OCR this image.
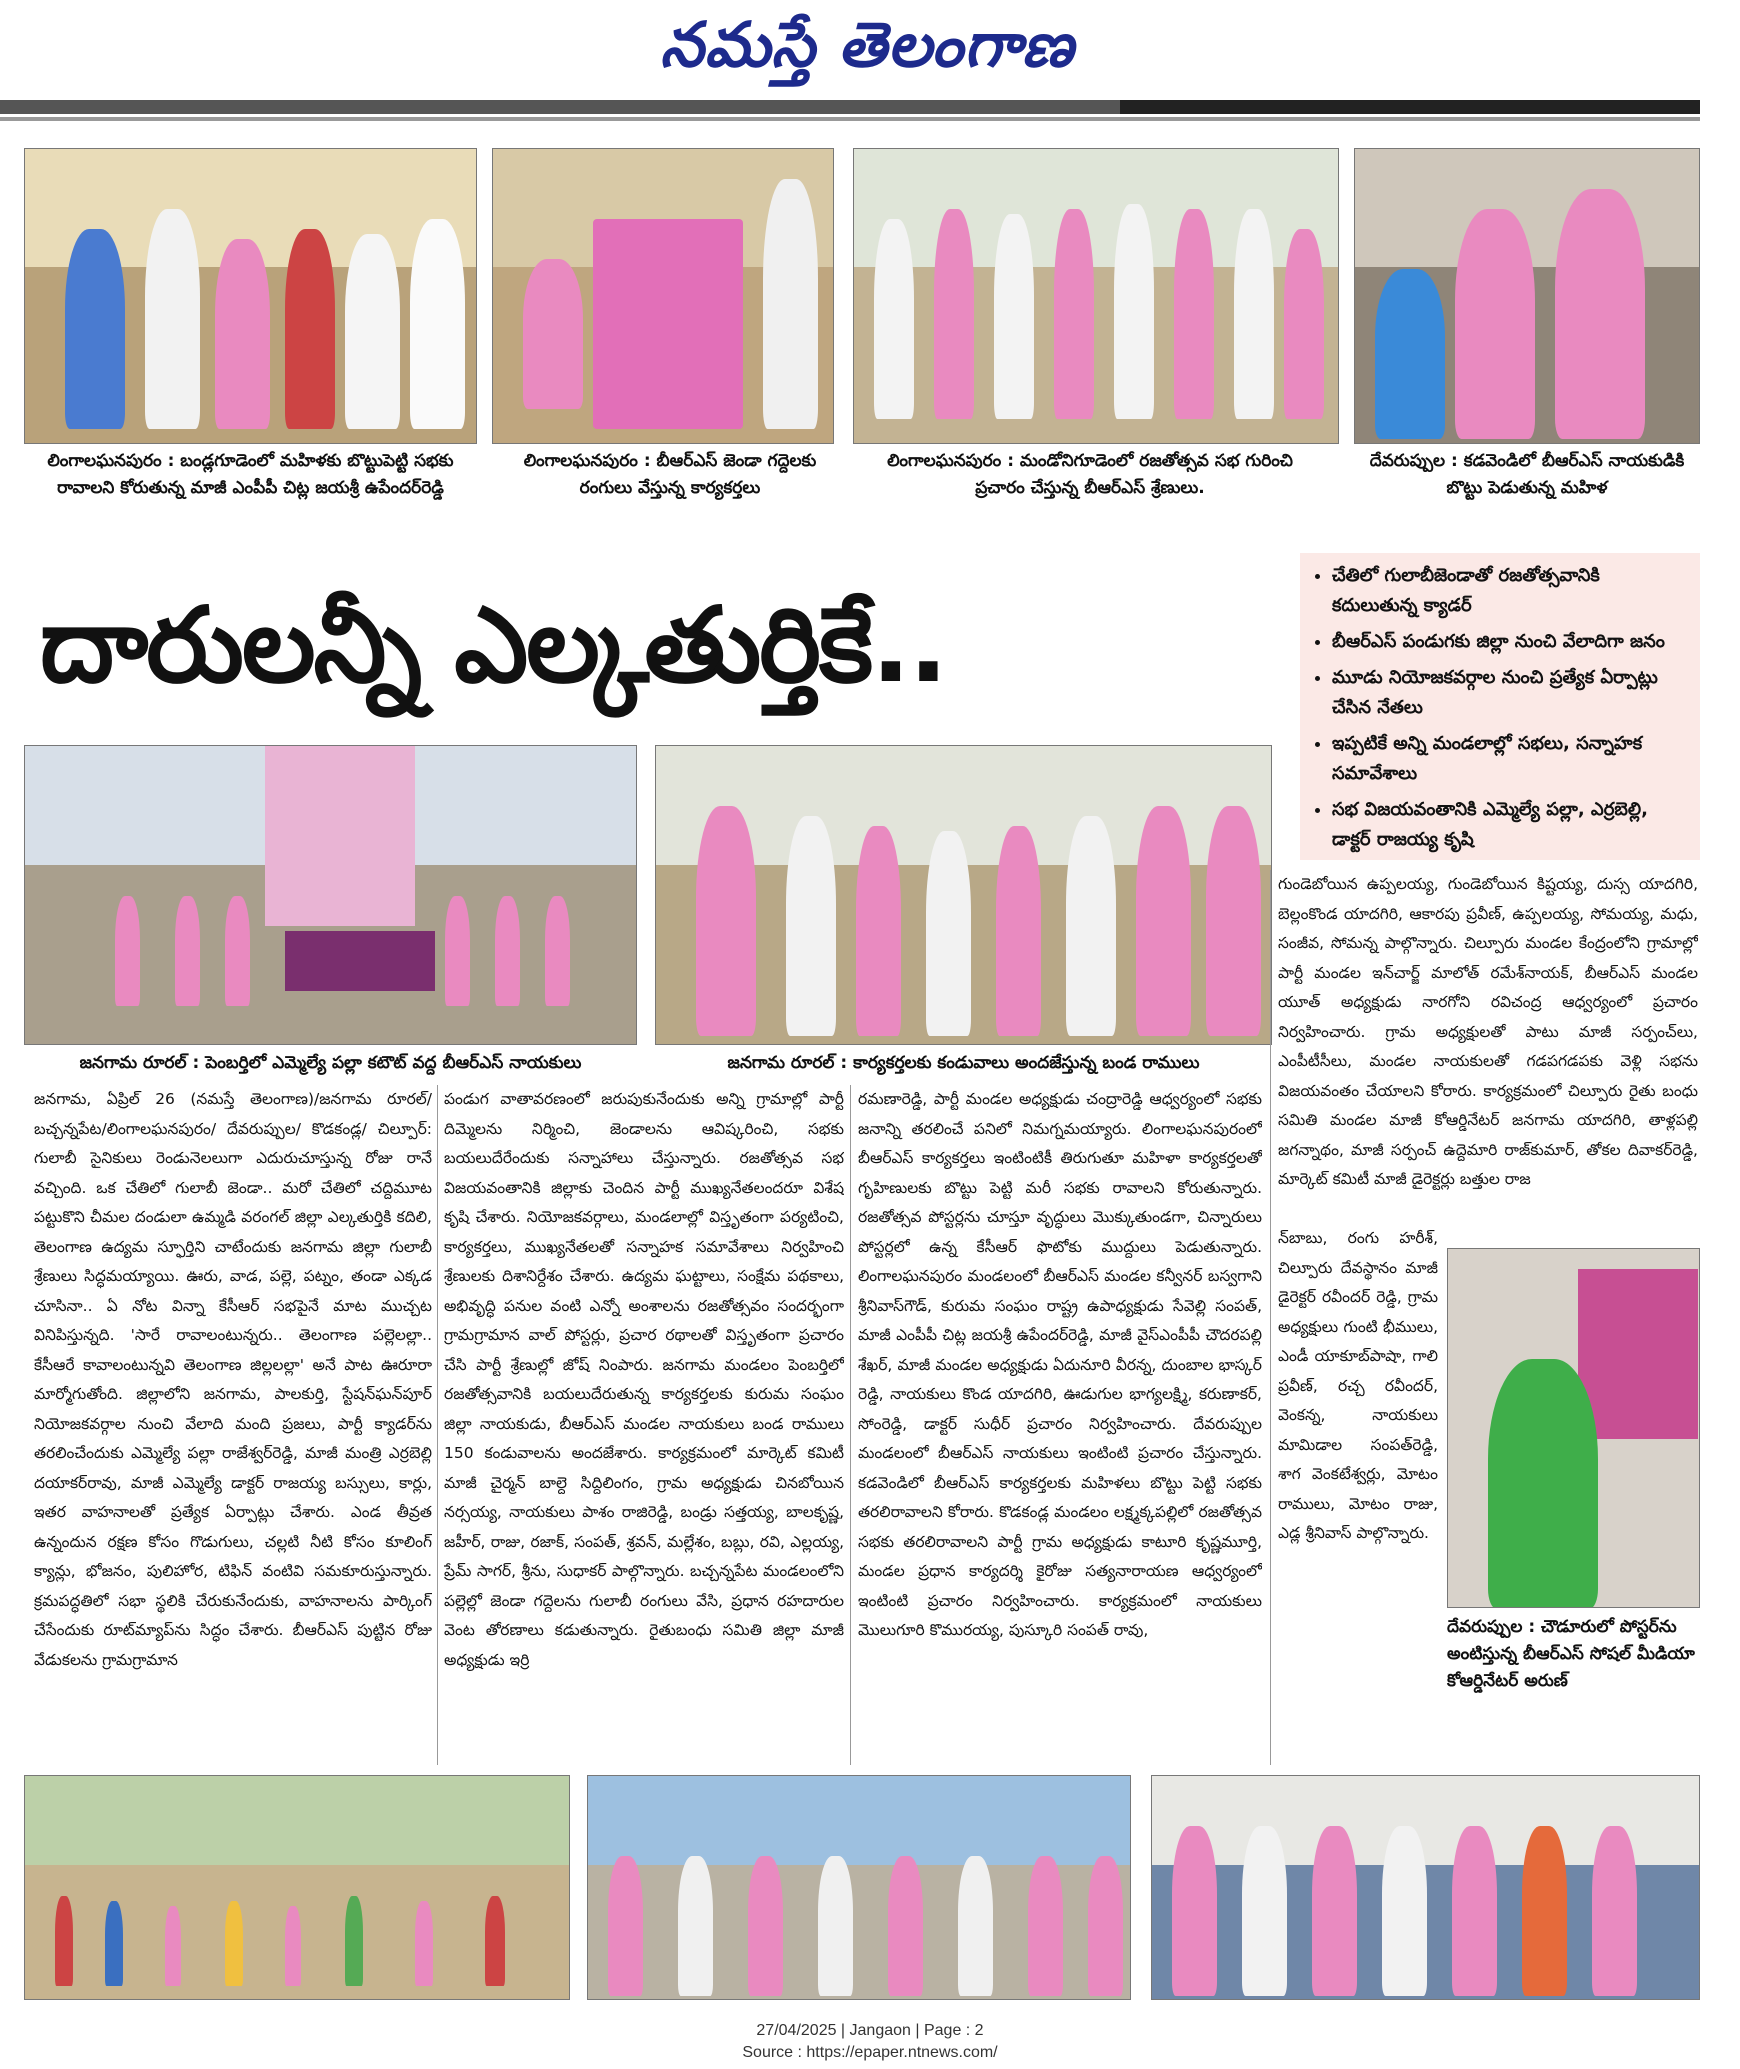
నమస్తే తెలంగాణ
లింగాలఘనపురం : బండ్లగూడెంలో మహిళకు బొట్టుపెట్టి సభకు రావాలని కోరుతున్న మాజీ ఎంపీపీ చిట్ల జయశ్రీ ఉపేందర్‌రెడ్డి
లింగాలఘనపురం : బీఆర్‌ఎస్ జెండా గద్దెలకు రంగులు వేస్తున్న కార్యకర్తలు
లింగాలఘనపురం : మండోనిగూడెంలో రజతోత్సవ సభ గురించి ప్రచారం చేస్తున్న బీఆర్‌ఎస్ శ్రేణులు.
దేవరుప్పుల : కడవెండిలో బీఆర్‌ఎస్ నాయకుడికి బొట్టు పెడుతున్న మహిళ
దారులన్నీ ఎల్కతుర్తికే..
• చేతిలో గులాబీజెండాతో రజతోత్సవానికి కదులుతున్న క్యాడర్
• బీఆర్‌ఎస్ పండుగకు జిల్లా నుంచి వేలాదిగా జనం
• మూడు నియోజకవర్గాల నుంచి ప్రత్యేక ఏర్పాట్లు చేసిన నేతలు
• ఇప్పటికే అన్ని మండలాల్లో సభలు, సన్నాహక సమావేశాలు
• సభ విజయవంతానికి ఎమ్మెల్యే పల్లా, ఎర్రబెల్లి, డాక్టర్ రాజయ్య కృషి
జనగామ రూరల్ : పెంబర్తిలో ఎమ్మెల్యే పల్లా కటౌట్ వద్ద బీఆర్‌ఎస్ నాయకులు	జనగామ రూరల్ : కార్యకర్తలకు కండువాలు అందజేస్తున్న బండ రాములు
జనగామ, ఏప్రిల్ 26 (నమస్తే తెలంగాణ)/జనగామ రూరల్/బచ్చన్నపేట/లింగాలఘనపురం/ దేవరుప్పుల/ కొడకండ్ల/ చిల్పూర్: గులాబీ సైనికులు రెండునెలలుగా ఎదురుచూస్తున్న రోజు రానే వచ్చింది. ఒక చేతిలో గులాబీ జెండా.. మరో చేతిలో చద్దిమూట పట్టుకొని చీమల దండులా ఉమ్మడి వరంగల్ జిల్లా ఎల్కతుర్తికి కదిలి, తెలంగాణ ఉద్యమ స్ఫూర్తిని చాటేందుకు జనగామ జిల్లా గులాబీ శ్రేణులు సిద్ధమయ్యాయి. ఊరు, వాడ, పల్లె, పట్నం, తండా ఎక్కడ చూసినా.. ఏ నోట విన్నా కేసీఆర్ సభపైనే మాట ముచ్చట వినిపిస్తున్నది. 'సారే రావాలంటున్నరు.. తెలంగాణ పల్లెలల్లా.. కేసీఆరే కావాలంటున్నవి తెలంగాణ జిల్లలల్లా' అనే పాట ఊరూరా మార్మోగుతోంది. జిల్లాలోని జనగామ, పాలకుర్తి, స్టేషన్‌ఘన్‌పూర్ నియోజకవర్గాల నుంచి వేలాది మంది ప్రజలు, పార్టీ క్యాడర్‌ను తరలించేందుకు ఎమ్మెల్యే పల్లా రాజేశ్వర్‌రెడ్డి, మాజీ మంత్రి ఎర్రబెల్లి దయాకర్‌రావు, మాజీ ఎమ్మెల్యే డాక్టర్ రాజయ్య బస్సులు, కార్లు, ఇతర వాహనాలతో ప్రత్యేక ఏర్పాట్లు చేశారు. ఎండ తీవ్రత ఉన్నందున రక్షణ కోసం గొడుగులు, చల్లటి నీటి కోసం కూలింగ్ క్యాన్లు, భోజనం, పులిహోర, టిఫిన్ వంటివి సమకూరుస్తున్నారు. క్రమపద్ధతిలో సభా స్థలికి చేరుకునేందుకు, వాహనాలను పార్కింగ్ చేసేందుకు రూట్‌మ్యాప్‌ను సిద్ధం చేశారు. బీఆర్‌ఎస్ పుట్టిన రోజు వేడుకలను గ్రామగ్రామాన
పండుగ వాతావరణంలో జరుపుకునేందుకు అన్ని గ్రామాల్లో పార్టీ దిమ్మెలను నిర్మించి, జెండాలను ఆవిష్కరించి, సభకు బయలుదేరేందుకు సన్నాహాలు చేస్తున్నారు. రజతోత్సవ సభ విజయవంతానికి జిల్లాకు చెందిన పార్టీ ముఖ్యనేతలందరూ విశేష కృషి చేశారు. నియోజకవర్గాలు, మండలాల్లో విస్తృతంగా పర్యటించి, కార్యకర్తలు, ముఖ్యనేతలతో సన్నాహక సమావేశాలు నిర్వహించి శ్రేణులకు దిశానిర్దేశం చేశారు. ఉద్యమ ఘట్టాలు, సంక్షేమ పథకాలు, అభివృద్ధి పనుల వంటి ఎన్నో అంశాలను రజతోత్సవం సందర్భంగా గ్రామగ్రామాన వాల్ పోస్టర్లు, ప్రచార రథాలతో విస్తృతంగా ప్రచారం చేసి పార్టీ శ్రేణుల్లో జోష్ నింపారు. జనగామ మండలం పెంబర్తిలో రజతోత్సవానికి బయలుదేరుతున్న కార్యకర్తలకు కురుమ సంఘం జిల్లా నాయకుడు, బీఆర్‌ఎస్ మండల నాయకులు బండ రాములు 150 కండువాలను అందజేశారు. కార్యక్రమంలో మార్కెట్ కమిటీ మాజీ చైర్మన్ బాల్దె సిద్దిలింగం, గ్రామ అధ్యక్షుడు చినబోయిన నర్సయ్య, నాయకులు పాశం రాజిరెడ్డి, బండ్రు సత్తయ్య, బాలకృష్ణ, జహీర్, రాజు, రజాక్, సంపత్, శ్రవన్, మల్లేశం, బబ్లు, రవి, ఎల్లయ్య, ప్రేమ్ సాగర్, శ్రీను, సుధాకర్ పాల్గొన్నారు. బచ్చన్నపేట మండలంలోని పల్లెల్లో జెండా గద్దెలను గులాబీ రంగులు వేసి, ప్రధాన రహదారుల వెంట తోరణాలు కడుతున్నారు. రైతుబంధు సమితి జిల్లా మాజీ అధ్యక్షుడు ఇర్రి
రమణారెడ్డి, పార్టీ మండల అధ్యక్షుడు చంద్రారెడ్డి ఆధ్వర్యంలో సభకు జనాన్ని తరలించే పనిలో నిమగ్నమయ్యారు. లింగాలఘనపురంలో బీఆర్‌ఎస్ కార్యకర్తలు ఇంటింటికీ తిరుగుతూ మహిళా కార్యకర్తలతో గృహిణులకు బొట్టు పెట్టి మరీ సభకు రావాలని కోరుతున్నారు. రజతోత్సవ పోస్టర్లను చూస్తూ వృద్ధులు మొక్కుతుండగా, చిన్నారులు పోస్టర్లలో ఉన్న కేసీఆర్ ఫొటోకు ముద్దులు పెడుతున్నారు. లింగాలఘనపురం మండలంలో బీఆర్‌ఎస్ మండల కన్వీనర్ బస్వగాని శ్రీనివాస్‌గౌడ్, కురుమ సంఘం రాష్ట్ర ఉపాధ్యక్షుడు సేవెల్లి సంపత్, మాజీ ఎంపీపీ చిట్ల జయశ్రీ ఉపేందర్‌రెడ్డి, మాజీ వైస్‌ఎంపీపీ చౌదరపల్లి శేఖర్, మాజీ మండల అధ్యక్షుడు ఏదునూరి వీరన్న, దుంబాల భాస్కర్ రెడ్డి, నాయకులు కొండ యాదగిరి, ఊడుగుల భాగ్యలక్ష్మి, కరుణాకర్, సోంరెడ్డి, డాక్టర్ సుధీర్ ప్రచారం నిర్వహించారు. దేవరుప్పుల మండలంలో బీఆర్‌ఎస్ నాయకులు ఇంటింటి ప్రచారం చేస్తున్నారు. కడవెండిలో బీఆర్‌ఎస్ కార్యకర్తలకు మహిళలు బొట్టు పెట్టి సభకు తరలిరావాలని కోరారు. కొడకండ్ల మండలం లక్ష్మక్కపల్లిలో రజతోత్సవ సభకు తరలిరావాలని పార్టీ గ్రామ అధ్యక్షుడు కాటూరి కృష్ణమూర్తి, మండల ప్రధాన కార్యదర్శి కైరోజు సత్యనారాయణ ఆధ్వర్యంలో ఇంటింటి ప్రచారం నిర్వహించారు. కార్యక్రమంలో నాయకులు మొలుగూరి కొమురయ్య, పుస్కూరి సంపత్ రావు,
గుండెబోయిన ఉప్పలయ్య, గుండెబోయిన కిష్టయ్య, దుస్స యాదగిరి, బెల్లంకొండ యాదగిరి, ఆకారపు ప్రవీణ్, ఉప్పలయ్య, సోమయ్య, మధు, సంజీవ, సోమన్న పాల్గొన్నారు. చిల్పూరు మండల కేంద్రంలోని గ్రామాల్లో పార్టీ మండల ఇన్‌చార్జ్ మాలోత్ రమేశ్‌నాయక్, బీఆర్‌ఎస్ మండల యూత్ అధ్యక్షుడు నారగోని రవిచంద్ర ఆధ్వర్యంలో ప్రచారం నిర్వహించారు. గ్రామ అధ్యక్షులతో పాటు మాజీ సర్పంచ్‌లు, ఎంపీటీసీలు, మండల నాయకులతో గడపగడపకు వెళ్లి సభను విజయవంతం చేయాలని కోరారు. కార్యక్రమంలో చిల్పూరు రైతు బంధు సమితి మండల మాజీ కోఆర్డినేటర్ జనగామ యాదగిరి, తాళ్లపల్లి జగన్నాథం, మాజీ సర్పంచ్ ఉద్దెమారి రాజ్‌కుమార్, తోకల దివాకర్‌రెడ్డి, మార్కెట్ కమిటీ మాజీ డైరెక్టర్లు బత్తుల రాజ
న్‌బాబు, రంగు హరీశ్, చిల్పూరు దేవస్థానం మాజీ డైరెక్టర్ రవీందర్ రెడ్డి, గ్రామ అధ్యక్షులు గుంటి భీములు, ఎండీ యాకూబ్‌పాషా, గాలి ప్రవీణ్, రచ్చ రవీందర్, వెంకన్న, నాయకులు మామిడాల సంపత్‌రెడ్డి, శాగ వెంకటేశ్వర్లు, మోటం రాములు, మోటం రాజు, ఎడ్ల శ్రీనివాస్ పాల్గొన్నారు.
దేవరుప్పుల : చౌడూరులో పోస్టర్‌ను అంటిస్తున్న బీఆర్‌ఎస్ సోషల్ మీడియా కోఆర్డినేటర్ అరుణ్
27/04/2025 | Jangaon | Page : 2
Source : https://epaper.ntnews.com/
